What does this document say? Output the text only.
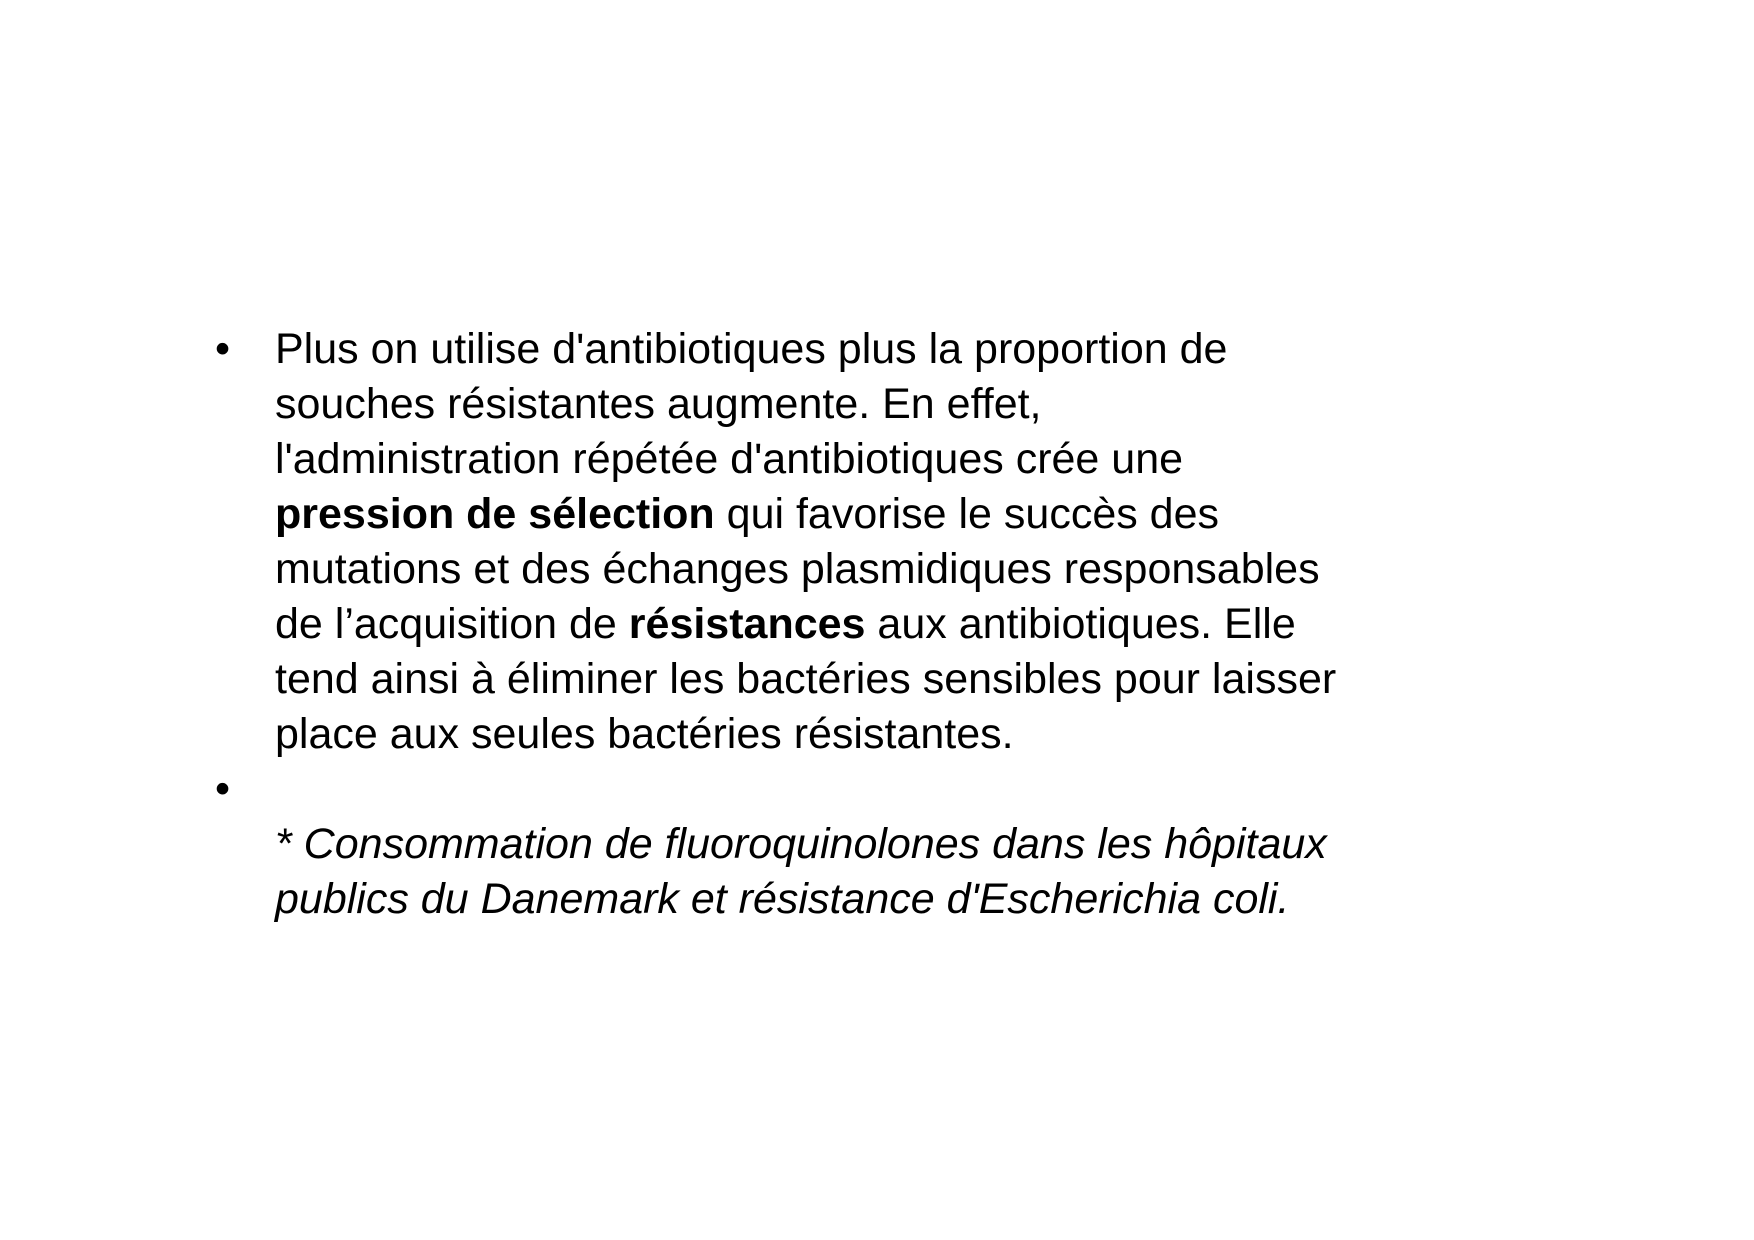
•	Plus on utilise d'antibiotiques plus la proportion de
souches résistantes augmente. En effet,
l'administration répétée d'antibiotiques crée une
pression de sélection qui favorise le succès des
mutations et des échanges plasmidiques responsables
de l’acquisition de résistances aux antibiotiques. Elle
tend ainsi à éliminer les bactéries sensibles pour laisser
place aux seules bactéries résistantes.
•
* Consommation de fluoroquinolones dans les hôpitaux
publics du Danemark et résistance d'Escherichia coli.
